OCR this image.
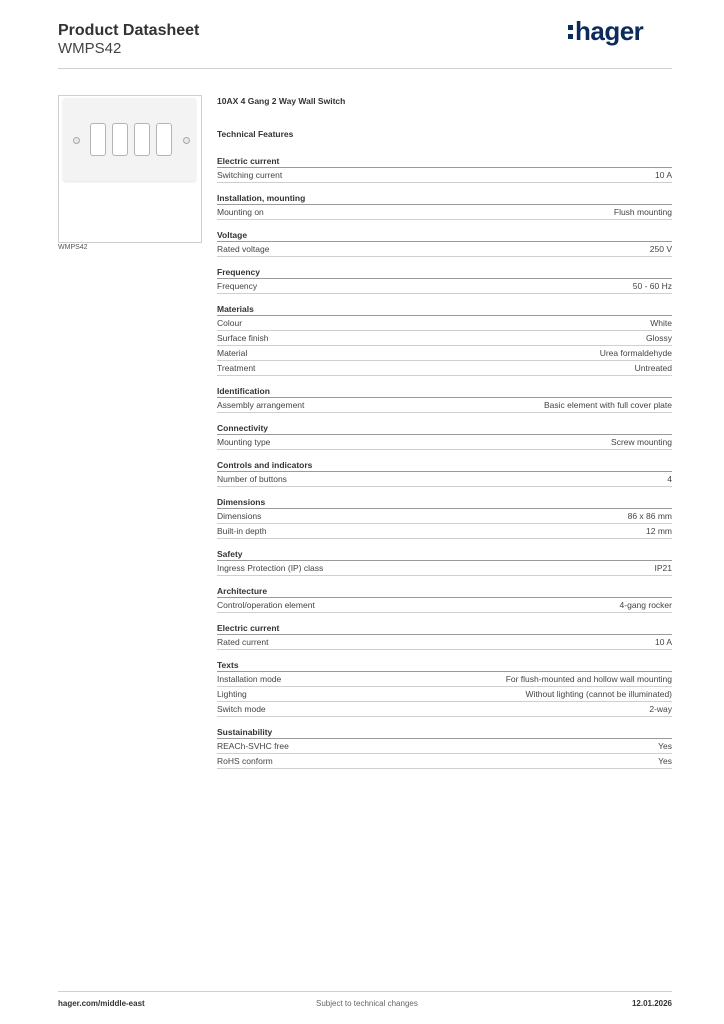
Product Datasheet
WMPS42
hager
WMPS42
10AX 4 Gang 2 Way Wall Switch
Technical Features
Electric current
Switching current	10 A
Installation, mounting
Mounting on	Flush mounting
Voltage
Rated voltage	250 V
Frequency
Frequency	50 - 60 Hz
Materials
Colour	White
Surface finish	Glossy
Material	Urea formaldehyde
Treatment	Untreated
Identification
Assembly arrangement	Basic element with full cover plate
Connectivity
Mounting type	Screw mounting
Controls and indicators
Number of buttons	4
Dimensions
Dimensions	86 x 86 mm
Built-in depth	12 mm
Safety
Ingress Protection (IP) class	IP21
Architecture
Control/operation element	4-gang rocker
Electric current
Rated current	10 A
Texts
Installation mode	For flush-mounted and hollow wall mounting
Lighting	Without lighting (cannot be illuminated)
Switch mode	2-way
Sustainability
REACh-SVHC free	Yes
RoHS conform	Yes
hager.com/middle-east	Subject to technical changes	12.01.2026
